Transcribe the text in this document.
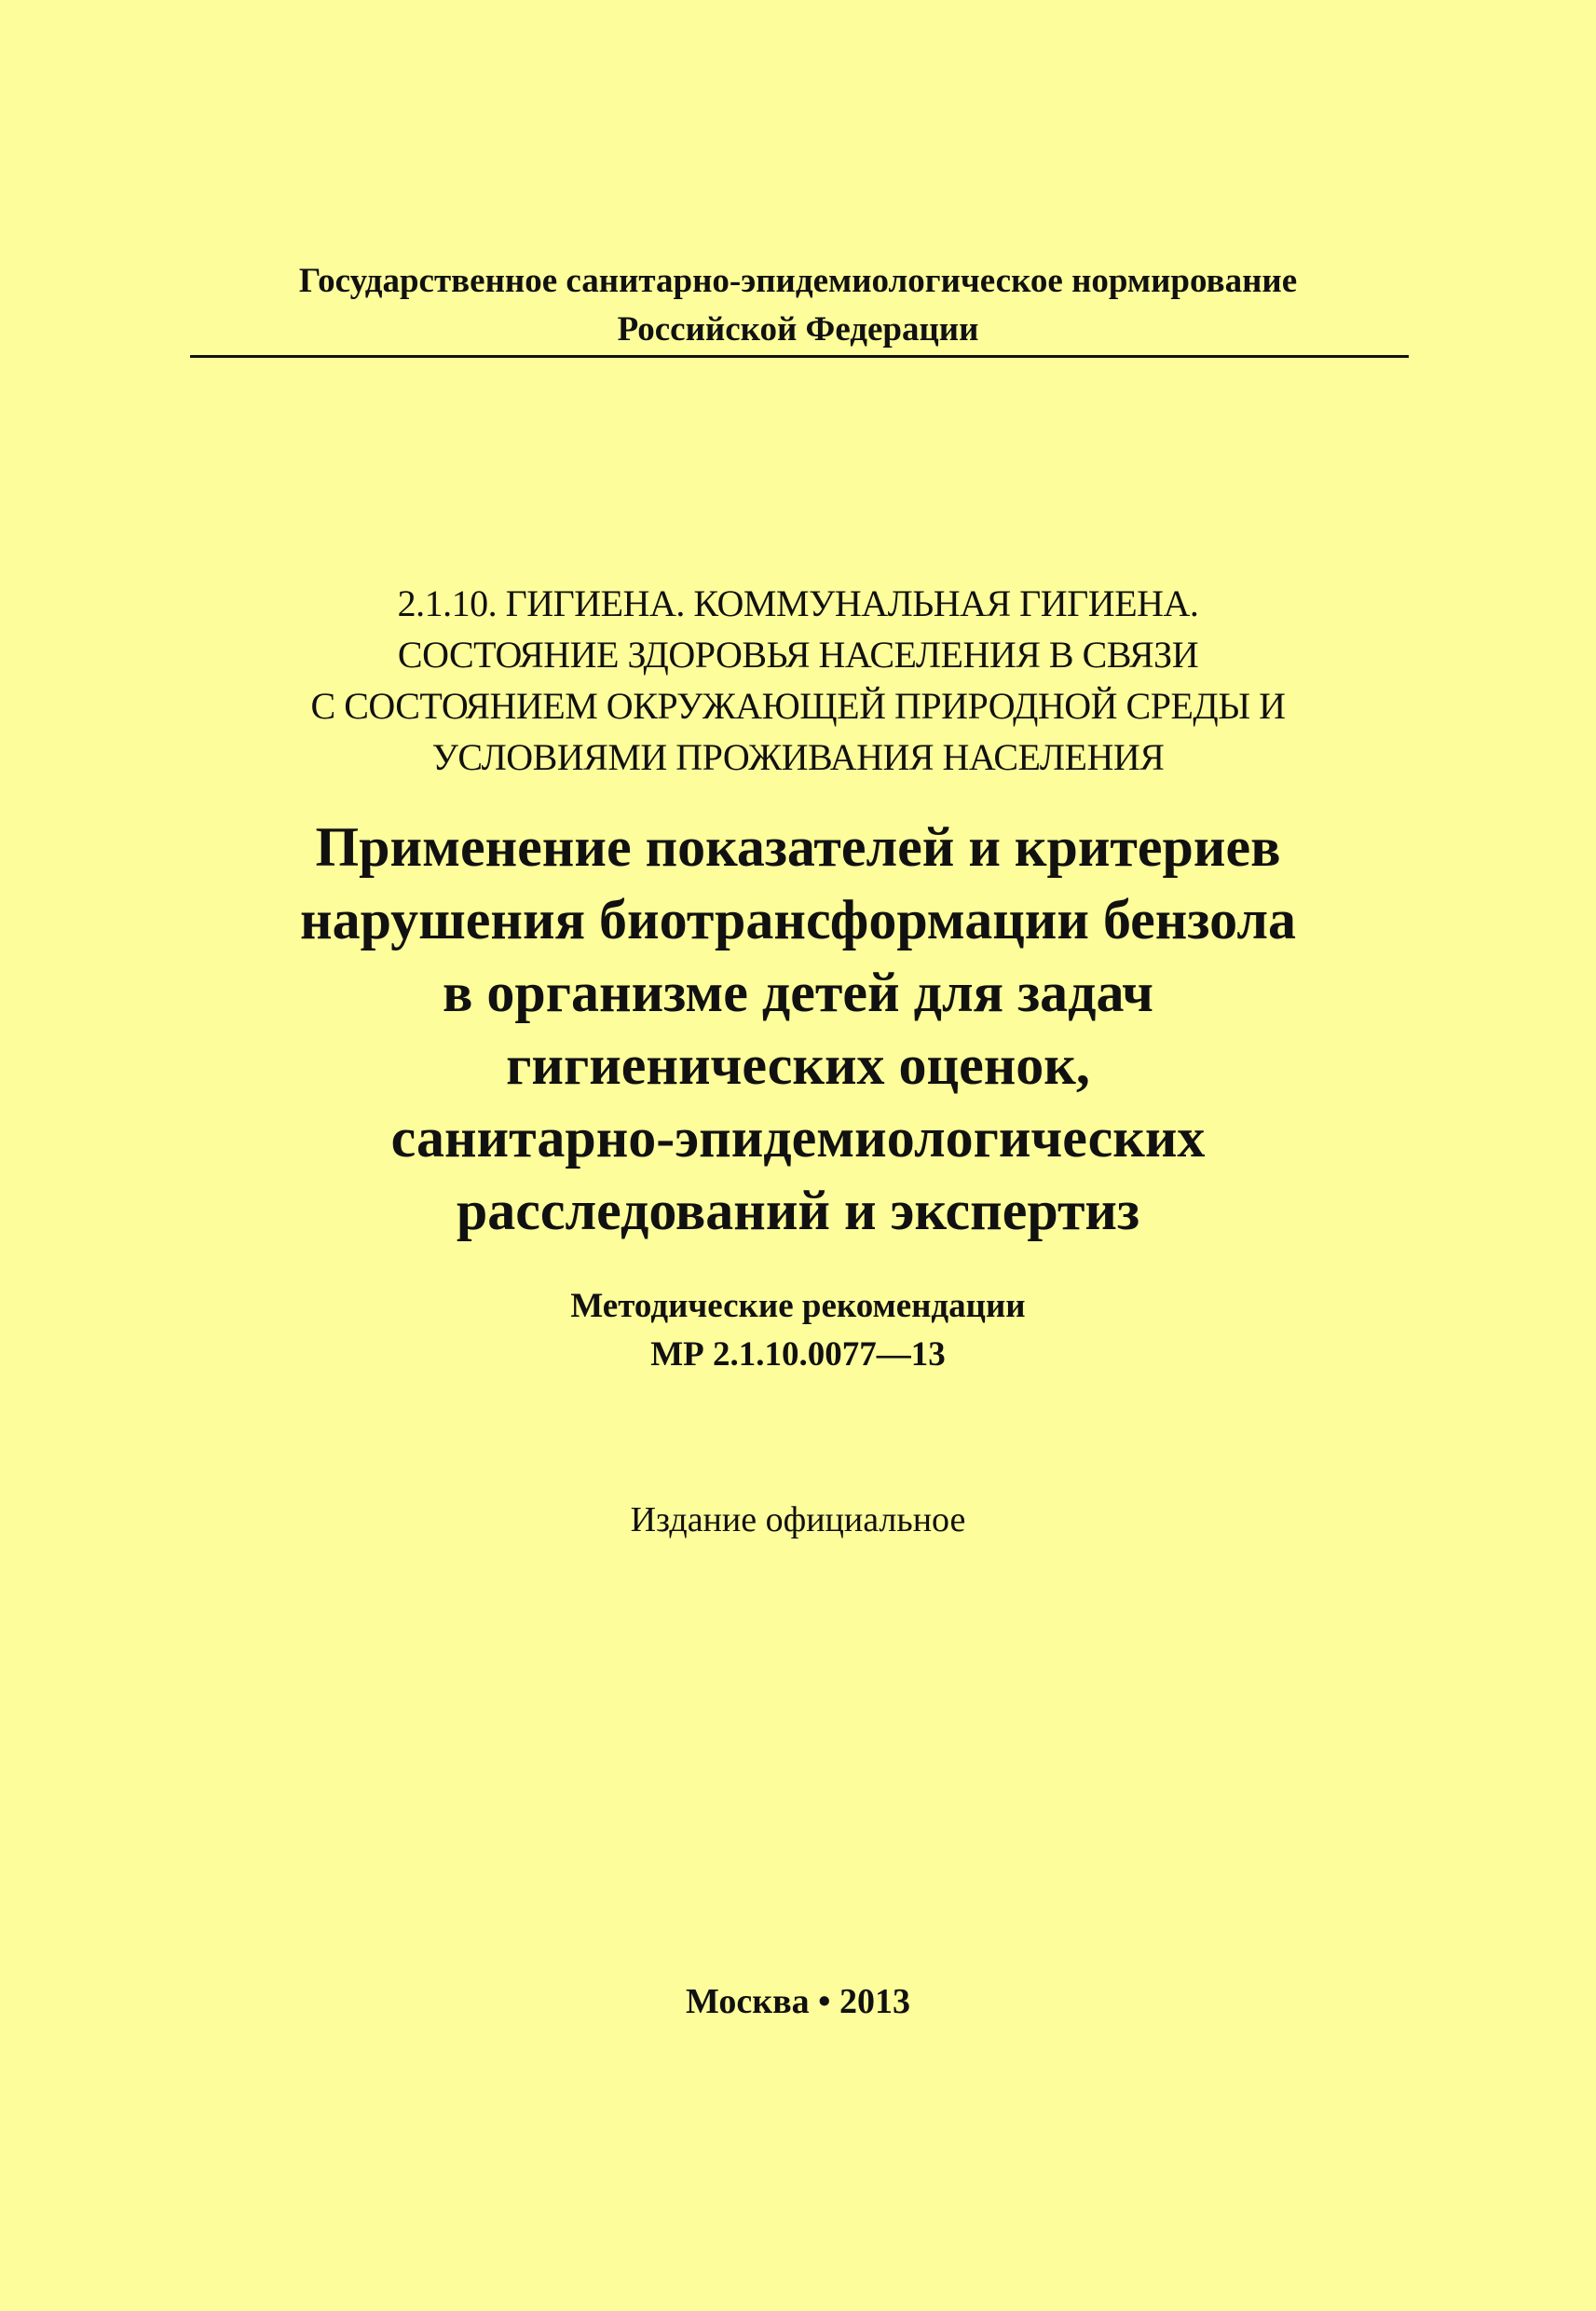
Государственное санитарно-эпидемиологическое нормирование
Российской Федерации
2.1.10. ГИГИЕНА. КОММУНАЛЬНАЯ ГИГИЕНА.
СОСТОЯНИЕ ЗДОРОВЬЯ НАСЕЛЕНИЯ В СВЯЗИ
С СОСТОЯНИЕМ ОКРУЖАЮЩЕЙ ПРИРОДНОЙ СРЕДЫ И
УСЛОВИЯМИ ПРОЖИВАНИЯ НАСЕЛЕНИЯ
Применение показателей и критериев
нарушения биотрансформации бензола
в организме детей для задач
гигиенических оценок,
санитарно-эпидемиологических
расследований и экспертиз
Методические рекомендации
МР 2.1.10.0077—13
Издание официальное
Москва • 2013
